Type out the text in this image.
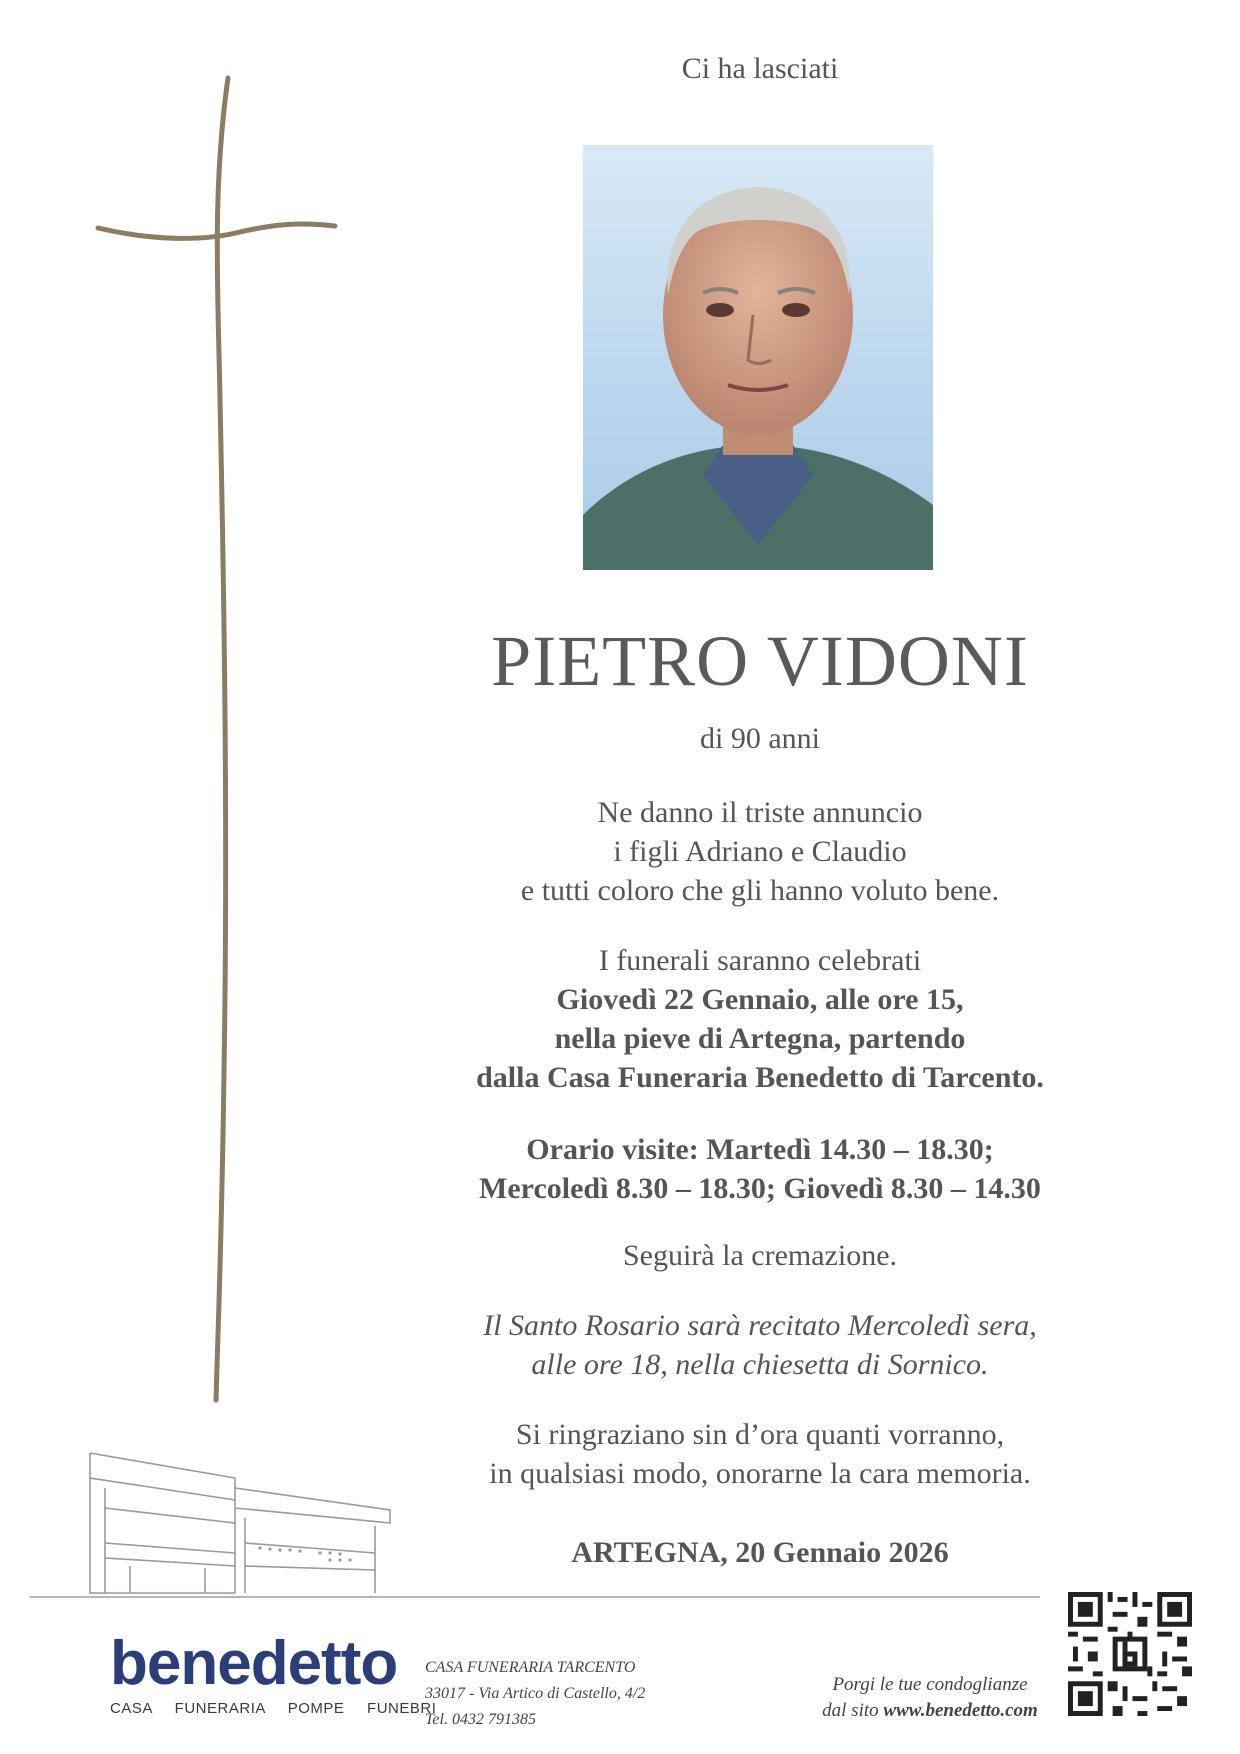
Ci ha lasciati
PIETRO VIDONI
di 90 anni
Ne danno il triste annuncio
i figli Adriano e Claudio
e tutti coloro che gli hanno voluto bene.
I funerali saranno celebrati
Giovedì 22 Gennaio, alle ore 15,
nella pieve di Artegna, partendo
dalla Casa Funeraria Benedetto di Tarcento.
Orario visite: Martedì 14.30 – 18.30;
Mercoledì 8.30 – 18.30; Giovedì 8.30 – 14.30
Seguirà la cremazione.
Il Santo Rosario sarà recitato Mercoledì sera,
alle ore 18, nella chiesetta di Sornico.
Si ringraziano sin d’ora quanti vorranno,
in qualsiasi modo, onorarne la cara memoria.
ARTEGNA, 20 Gennaio 2026
benedetto
CASA FUNERARIA POMPE FUNEBRI
CASA FUNERARIA TARCENTO
33017 - Via Artico di Castello, 4/2
Tel. 0432 791385
Porgi le tue condoglianze
dal sito www.benedetto.com
